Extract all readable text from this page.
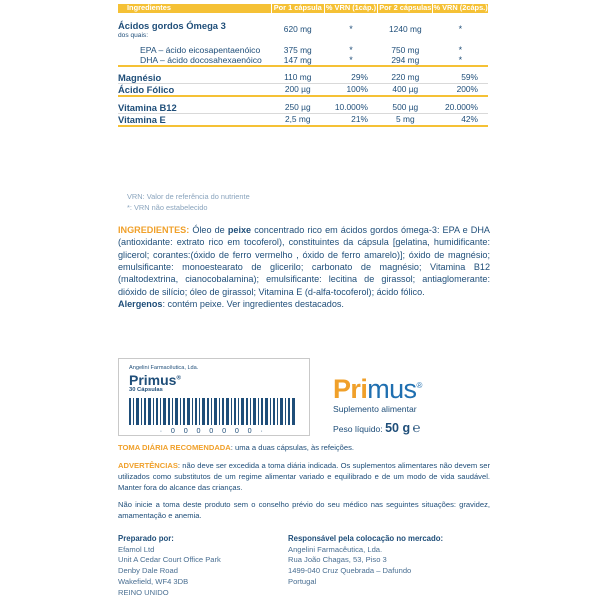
Ingredientes	Por 1 cápsula	% VRN (1cáp.)	Por 2 cápsulas	% VRN (2cáps.)
Ácidos gordos Ómega 3
dos quais:	620 mg	*	1240 mg	*
EPA – ácido eicosapentaenóico	375 mg	*	750 mg	*
DHA – ácido docosahexaenóico	147 mg	*	294 mg	*
Magnésio	110 mg	29%	220 mg	59%
Ácido Fólico	200 µg	100%	400 µg	200%
Vitamina B12	250 µg	10.000%	500 µg	20.000%
Vitamina E	2,5 mg	21%	5 mg	42%
VRN: Valor de referência do nutriente
*: VRN não estabelecido
INGREDIENTES: Óleo de peixe concentrado rico em ácidos gordos ómega-3: EPA e DHA (antioxidante: extrato rico em tocoferol), constituintes da cápsula [gelatina, humidificante: glicerol; corantes:(óxido de ferro vermelho , óxido de ferro amarelo)]; óxido de magnésio; emulsificante: monoestearato de glicerilo; carbonato de magnésio; Vitamina B12 (maltodextrina, cianocobalamina); emulsificante: lecitina de girassol; antiaglomerante: dióxido de silício; óleo de girassol; Vitamina E (d-alfa-tocoferol); ácido fólico.
Alergenos: contém peixe. Ver ingredientes destacados.
Angelini Farmacêutica, Lda.
Primus®
30 Cápsulas
· 0 0 0 0 0 0 0 ·
Primus®
Suplemento alimentar
Peso líquido: 50 g ℮
TOMA DIÁRIA RECOMENDADA: uma a duas cápsulas, às refeições.
ADVERTÊNCIAS: não deve ser excedida a toma diária indicada. Os suplementos alimentares não devem ser utilizados como substitutos de um regime alimentar variado e equilibrado e de um modo de vida saudável. Manter fora do alcance das crianças.
Não inicie a toma deste produto sem o conselho prévio do seu médico nas seguintes situações: gravidez, amamentação e anemia.
Preparado por:
Efamol Ltd
Unit A Cedar Court Office Park
Denby Dale Road
Wakefield, WF4 3DB
REINO UNIDO
Responsável pela colocação no mercado:
Angelini Farmacêutica, Lda.
Rua João Chagas, 53, Piso 3
1499-040 Cruz Quebrada – Dafundo
Portugal
